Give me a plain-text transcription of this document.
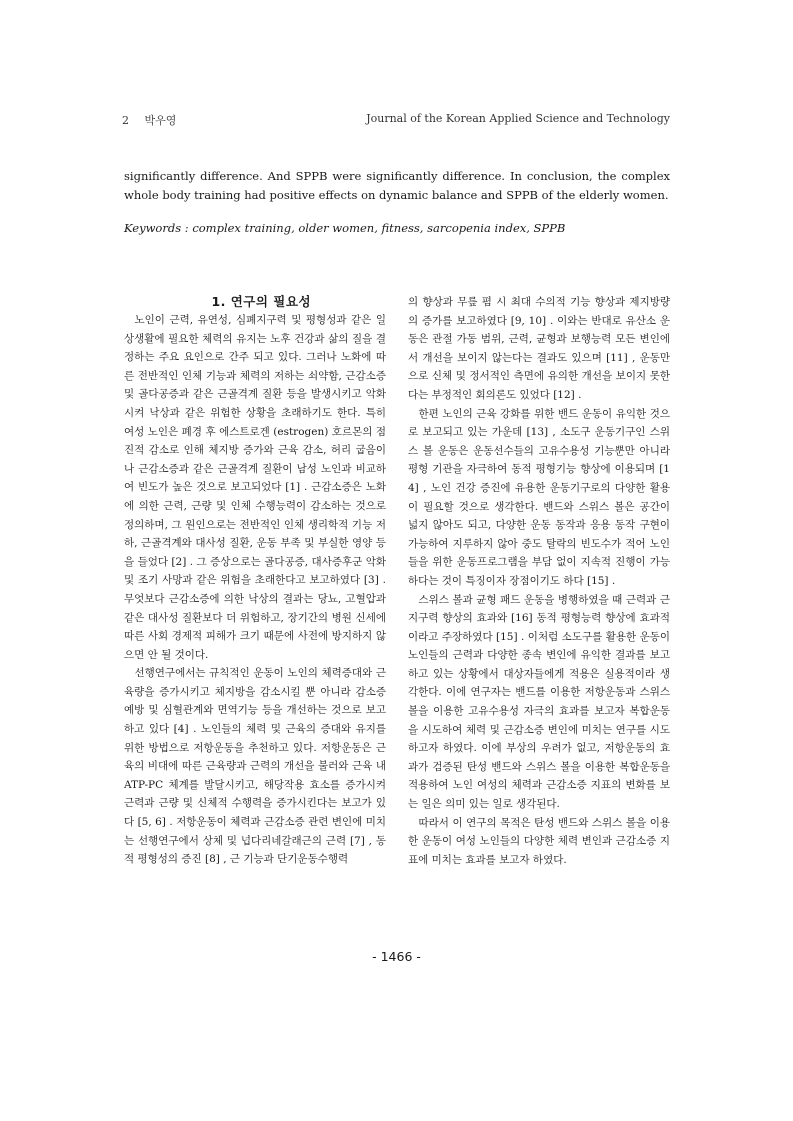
2 박우영	Journal of the Korean Applied Science and Technology

significantly difference. And SPPB were significantly difference. In conclusion, the complex whole body training had positive effects on dynamic balance and SPPB of the elderly women.

Keywords : complex training, older women, fitness, sarcopenia index, SPPB

1. 연구의 필요성

노인이 근력, 유연성, 심폐지구력 및 평형성과 같은 일상생활에 필요한 체력의 유지는 노후 건강과 삶의 질을 결정하는 주요 요인으로 간주 되고 있다. 그러나 노화에 따른 전반적인 인체 기능과 체력의 저하는 쇠약함, 근감소증 및 골다공증과 같은 근골격계 질환 등을 발생시키고 악화시켜 낙상과 같은 위험한 상황을 초래하기도 한다. 특히 여성 노인은 폐경 후 에스트로겐 (estrogen) 호르몬의 점진적 감소로 인해 체지방 증가와 근육 감소, 허리 굽음이나 근감소증과 같은 근골격계 질환이 남성 노인과 비교하여 빈도가 높은 것으로 보고되었다 [1] . 근감소증은 노화에 의한 근력, 근량 및 인체 수행능력이 감소하는 것으로 정의하며, 그 원인으로는 전반적인 인체 생리학적 기능 저하, 근골격계와 대사성 질환, 운동 부족 및 부실한 영양 등을 들었다 [2] . 그 증상으로는 골다공증, 대사증후군 악화 및 조기 사망과 같은 위험을 초래한다고 보고하였다 [3] . 무엇보다 근감소증에 의한 낙상의 결과는 당뇨, 고혈압과 같은 대사성 질환보다 더 위험하고, 장기간의 병원 신세에 따른 사회 경제적 피해가 크기 때문에 사전에 방지하지 않으면 안 될 것이다.

선행연구에서는 규칙적인 운동이 노인의 체력증대와 근육량을 증가시키고 체지방을 감소시킬 뿐 아니라 감소증 예방 및 심혈관계와 면역기능 등을 개선하는 것으로 보고하고 있다 [4] . 노인들의 체력 및 근육의 증대와 유지를 위한 방법으로 저항운동을 추천하고 있다. 저항운동은 근육의 비대에 따른 근육량과 근력의 개선을 불러와 근육 내 ATP-PC 체계를 발달시키고, 해당작용 효소를 증가시켜 근력과 근량 및 신체적 수행력을 증가시킨다는 보고가 있다 [5, 6] . 저항운동이 체력과 근감소증 관련 변인에 미치는 선행연구에서 상체 및 넙다리네갈래근의 근력 [7] , 동적 평형성의 증진 [8] , 근 기능과 단기운동수행력

의 향상과 무릎 폄 시 최대 수의적 기능 향상과 제지방량의 증가를 보고하였다 [9, 10] . 이와는 반대로 유산소 운동은 관절 가동 범위, 근력, 균형과 보행능력 모든 변인에서 개선을 보이지 않는다는 결과도 있으며 [11] , 운동만으로 신체 및 정서적인 측면에 유의한 개선을 보이지 못한다는 부정적인 회의론도 있었다 [12] .

한편 노인의 근육 강화를 위한 밴드 운동이 유익한 것으로 보고되고 있는 가운데 [13] , 소도구 운동기구인 스위스 볼 운동은 운동선수들의 고유수용성 기능뿐만 아니라 평형 기관을 자극하여 동적 평형기능 향상에 이용되며 [14] , 노인 건강 증진에 유용한 운동기구로의 다양한 활용이 필요할 것으로 생각한다. 밴드와 스위스 볼은 공간이 넓지 않아도 되고, 다양한 운동 동작과 응용 동작 구현이 가능하여 지루하지 않아 중도 탈락의 빈도수가 적어 노인들을 위한 운동프로그램을 부담 없이 지속적 진행이 가능하다는 것이 특징이자 장점이기도 하다 [15] .

스위스 볼과 균형 패드 운동을 병행하였을 때 근력과 근지구력 향상의 효과와 [16] 동적 평형능력 향상에 효과적이라고 주장하였다 [15] . 이처럼 소도구를 활용한 운동이 노인들의 근력과 다양한 종속 변인에 유익한 결과를 보고하고 있는 상황에서 대상자들에게 적용은 실용적이라 생각한다. 이에 연구자는 밴드를 이용한 저항운동과 스위스 볼을 이용한 고유수용성 자극의 효과를 보고자 복합운동을 시도하여 체력 및 근감소증 변인에 미치는 연구를 시도하고자 하였다. 이에 부상의 우려가 없고, 저항운동의 효과가 검증된 탄성 밴드와 스위스 볼을 이용한 복합운동을 적용하여 노인 여성의 체력과 근감소증 지표의 변화를 보는 일은 의미 있는 일로 생각된다.

따라서 이 연구의 목적은 탄성 밴드와 스위스 볼을 이용한 운동이 여성 노인들의 다양한 체력 변인과 근감소증 지표에 미치는 효과를 보고자 하였다.

- 1466 -
